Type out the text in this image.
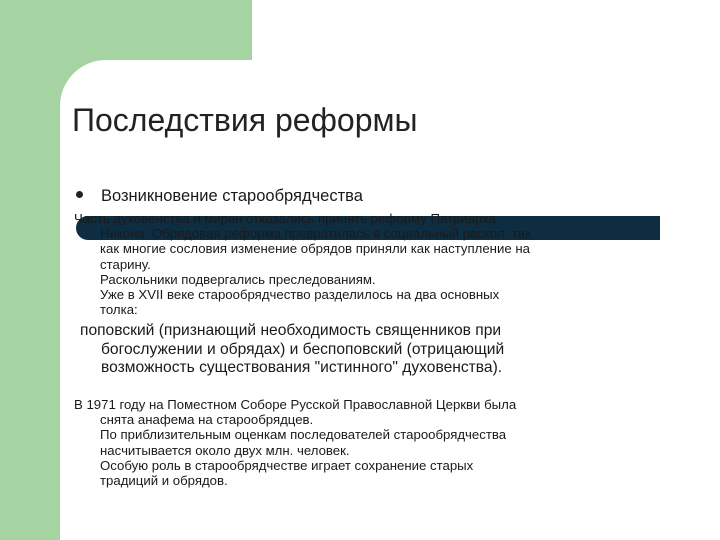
Последствия реформы
Возникновение старообрядчества
Часть духовенства и мирян отказались принять реформу Патриарха
Никона. Обрядовая реформа превратилась в социальный раскол, так
как многие сословия изменение обрядов приняли как наступление на
старину.
Раскольники подвергались преследованиям.
Уже в XVII веке старообрядчество разделилось на два основных
толка:
поповский (признающий необходимость священников при
богослужении и обрядах) и беспоповский (отрицающий
возможность существования "истинного" духовенства).
В 1971 году на Поместном Соборе Русской Православной Церкви была
снята анафема на старообрядцев.
По приблизительным оценкам последователей старообрядчества
насчитывается около двух млн. человек.
Особую роль в старообрядчестве играет сохранение старых
традиций и обрядов.
